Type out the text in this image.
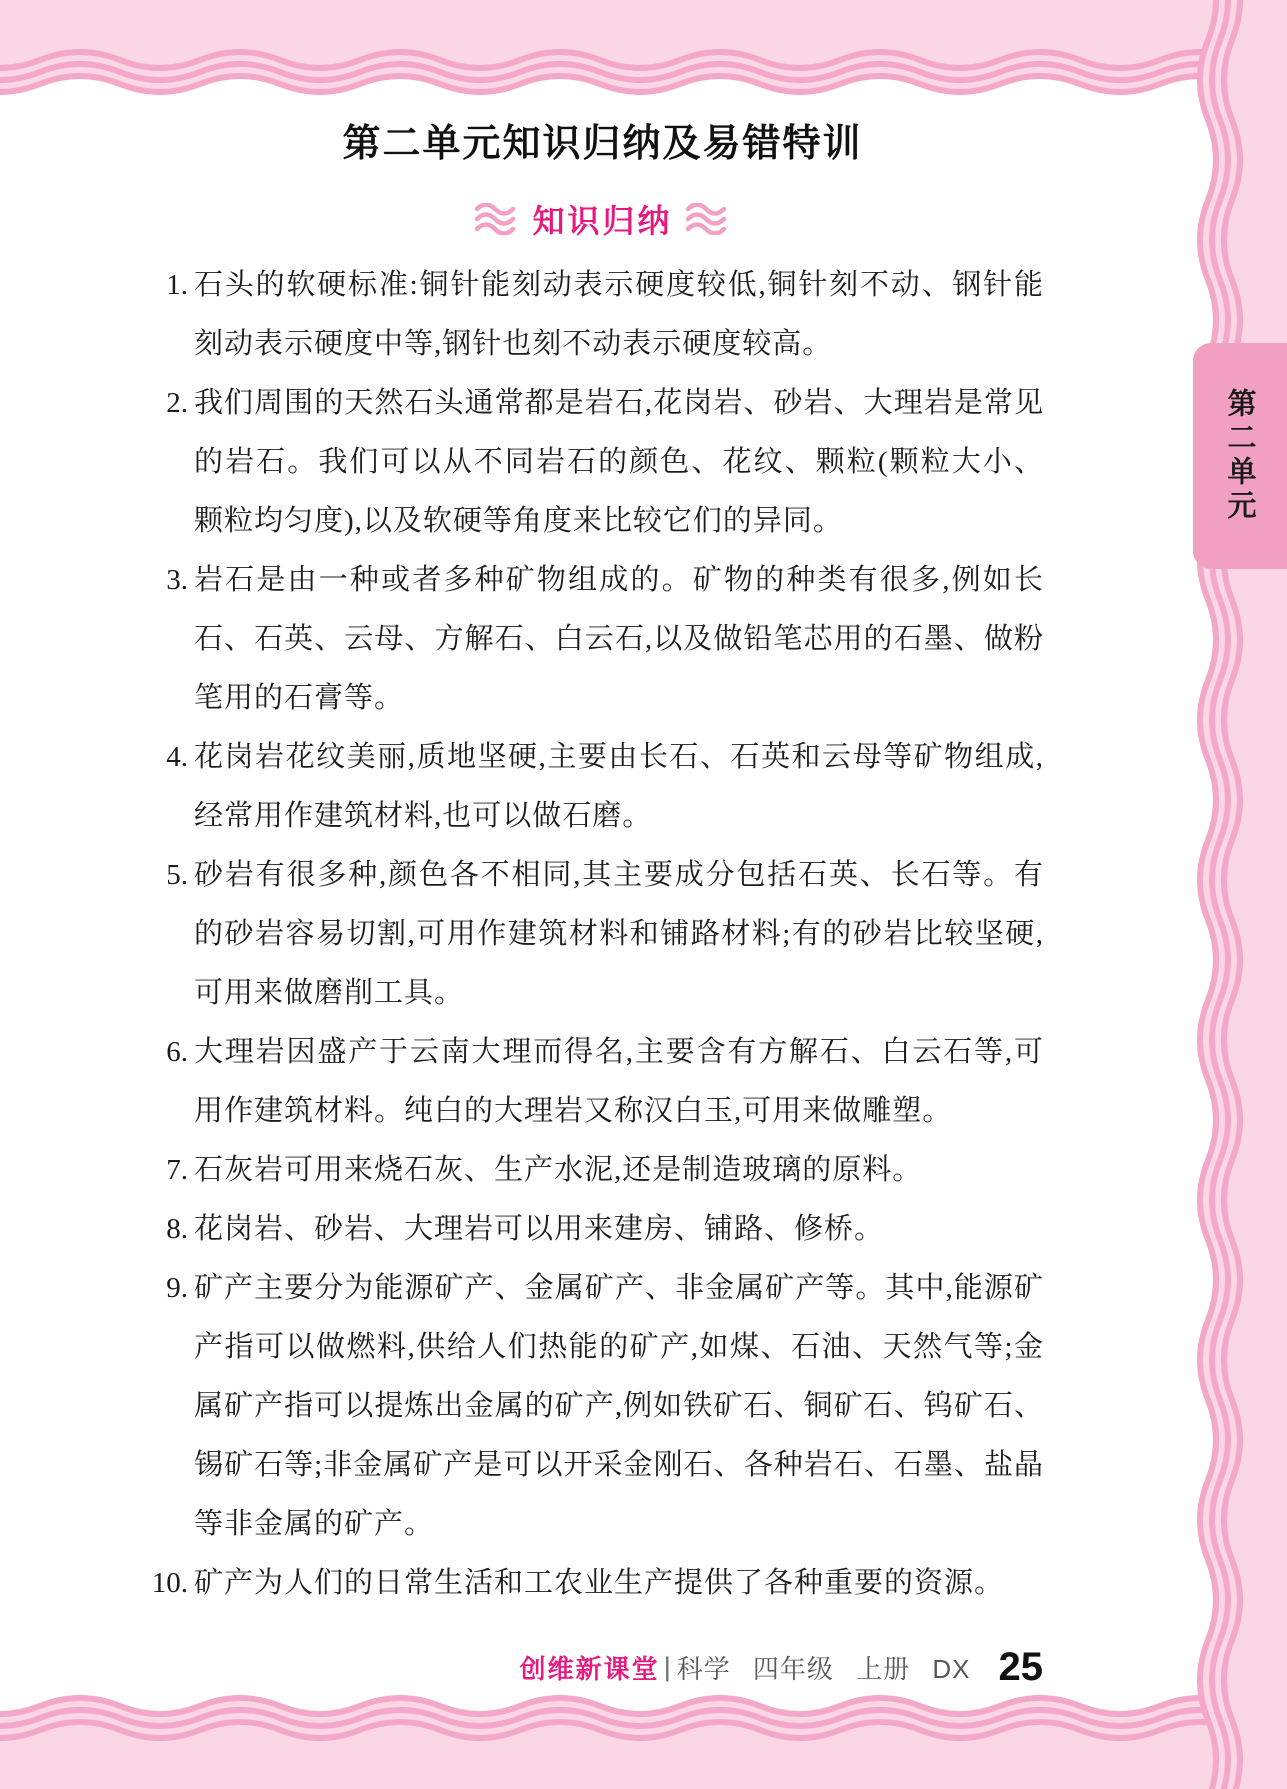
第二单元
第二单元知识归纳及易错特训
知识归纳
1. 石头的软硬标准:铜针能刻动表示硬度较低,铜针刻不动、钢针能刻动表示硬度中等,钢针也刻不动表示硬度较高。
2. 我们周围的天然石头通常都是岩石,花岗岩、砂岩、大理岩是常见的岩石。我们可以从不同岩石的颜色、花纹、颗粒(颗粒大小、颗粒均匀度),以及软硬等角度来比较它们的异同。
3. 岩石是由一种或者多种矿物组成的。矿物的种类有很多,例如长石、石英、云母、方解石、白云石,以及做铅笔芯用的石墨、做粉笔用的石膏等。
4. 花岗岩花纹美丽,质地坚硬,主要由长石、石英和云母等矿物组成,经常用作建筑材料,也可以做石磨。
5. 砂岩有很多种,颜色各不相同,其主要成分包括石英、长石等。有的砂岩容易切割,可用作建筑材料和铺路材料;有的砂岩比较坚硬,可用来做磨削工具。
6. 大理岩因盛产于云南大理而得名,主要含有方解石、白云石等,可用作建筑材料。纯白的大理岩又称汉白玉,可用来做雕塑。
7. 石灰岩可用来烧石灰、生产水泥,还是制造玻璃的原料。
8. 花岗岩、砂岩、大理岩可以用来建房、铺路、修桥。
9. 矿产主要分为能源矿产、金属矿产、非金属矿产等。其中,能源矿产指可以做燃料,供给人们热能的矿产,如煤、石油、天然气等;金属矿产指可以提炼出金属的矿产,例如铁矿石、铜矿石、钨矿石、锡矿石等;非金属矿产是可以开采金刚石、各种岩石、石墨、盐晶等非金属的矿产。
10. 矿产为人们的日常生活和工农业生产提供了各种重要的资源。
创维新课堂 | 科学 四年级 上册 DX 25
